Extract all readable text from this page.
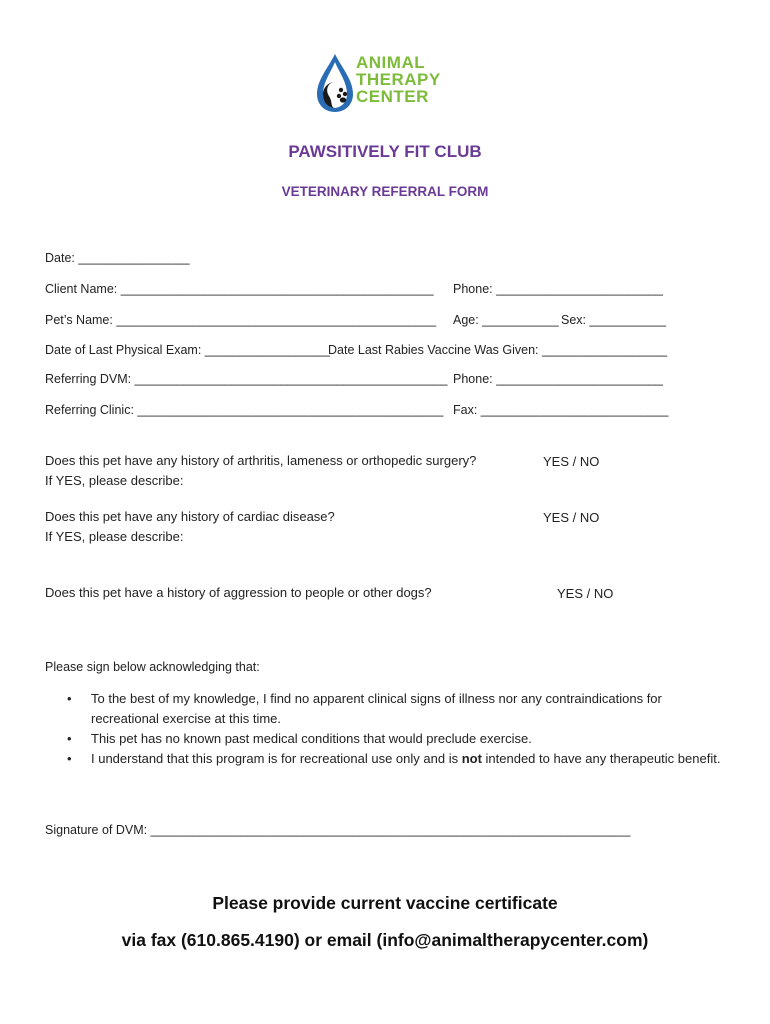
ANIMAL
THERAPY
CENTER
PAWSITIVELY FIT CLUB
VETERINARY REFERRAL FORM
Date: ________________
Client Name: _____________________________________________ Phone: ________________________
Pet’s Name: ______________________________________________ Age: ___________ Sex: ___________
Date of Last Physical Exam: __________________
Date Last Rabies Vaccine Was Given: __________________
Referring DVM: _____________________________________________ Phone: ________________________
Referring Clinic: ____________________________________________ Fax: ___________________________
Does this pet have any history of arthritis, lameness or orthopedic surgery?
If YES, please describe:
YES / NO
Does this pet have any history of cardiac disease?
If YES, please describe:
YES / NO
Does this pet have a history of aggression to people or other dogs?	YES / NO
Please sign below acknowledging that:
• To the best of my knowledge, I find no apparent clinical signs of illness nor any contraindications for recreational exercise at this time.
• This pet has no known past medical conditions that would preclude exercise.
• I understand that this program is for recreational use only and is not intended to have any therapeutic benefit.
Signature of DVM: _____________________________________________________________________
Please provide current vaccine certificate
via fax (610.865.4190) or email (info@animaltherapycenter.com)
